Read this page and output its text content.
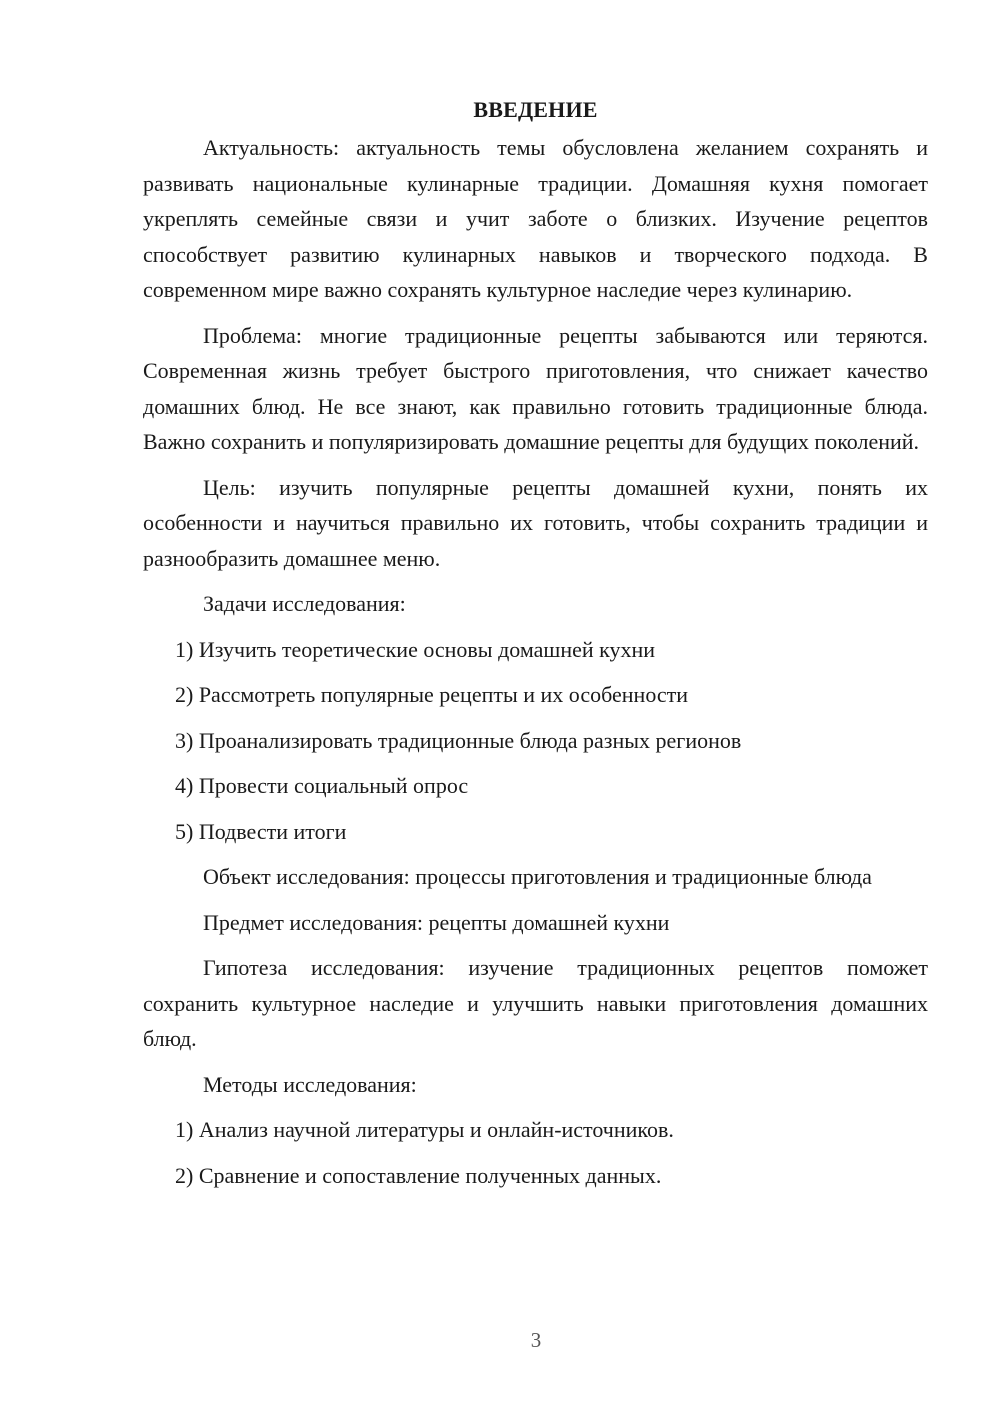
ВВЕДЕНИЕ

Актуальность: актуальность темы обусловлена желанием сохранять и развивать национальные кулинарные традиции. Домашняя кухня помогает укреплять семейные связи и учит заботе о близких. Изучение рецептов способствует развитию кулинарных навыков и творческого подхода. В современном мире важно сохранять культурное наследие через кулинарию.

Проблема: многие традиционные рецепты забываются или теряются. Современная жизнь требует быстрого приготовления, что снижает качество домашних блюд. Не все знают, как правильно готовить традиционные блюда. Важно сохранить и популяризировать домашние рецепты для будущих поколений.

Цель: изучить популярные рецепты домашней кухни, понять их особенности и научиться правильно их готовить, чтобы сохранить традиции и разнообразить домашнее меню.

Задачи исследования:

1) Изучить теоретические основы домашней кухни

2) Рассмотреть популярные рецепты и их особенности

3) Проанализировать традиционные блюда разных регионов

4) Провести социальный опрос

5) Подвести итоги

Объект исследования: процессы приготовления и традиционные блюда

Предмет исследования: рецепты домашней кухни

Гипотеза исследования: изучение традиционных рецептов поможет сохранить культурное наследие и улучшить навыки приготовления домашних блюд.

Методы исследования:

1) Анализ научной литературы и онлайн-источников.

2) Сравнение и сопоставление полученных данных.

3
